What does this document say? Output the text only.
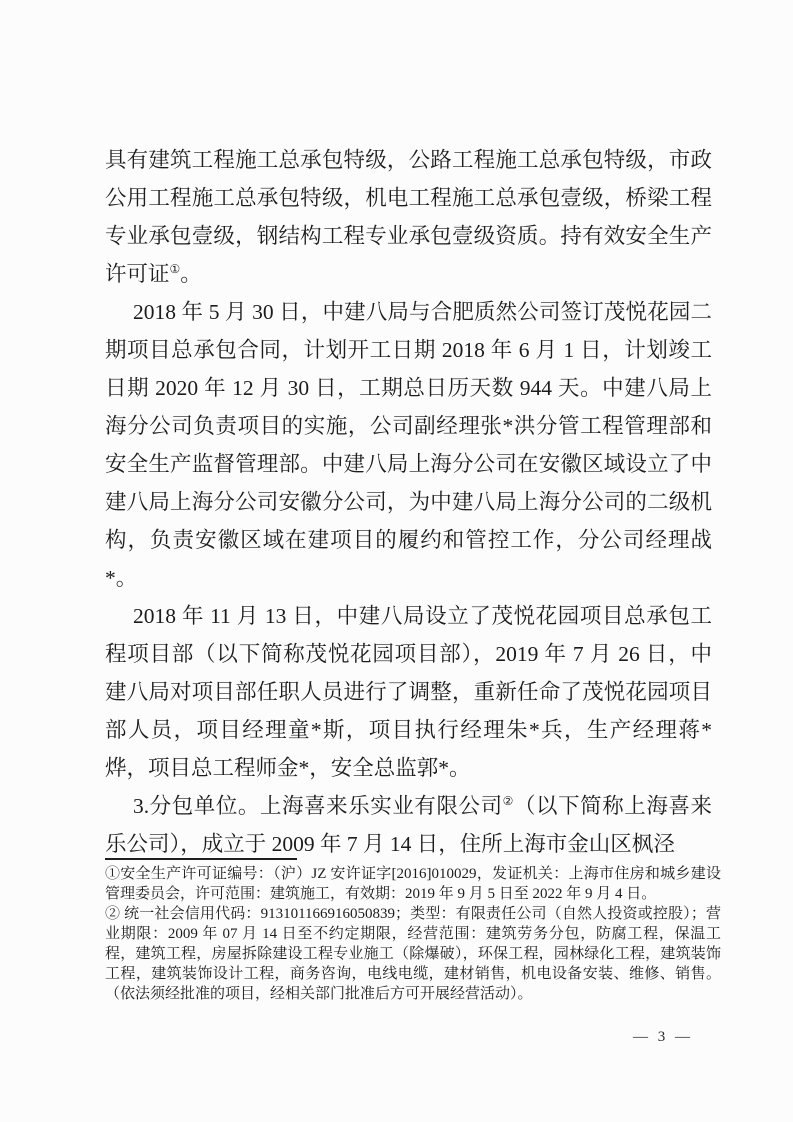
具有建筑工程施工总承包特级，公路工程施工总承包特级，市政公用工程施工总承包特级，机电工程施工总承包壹级，桥梁工程专业承包壹级，钢结构工程专业承包壹级资质。持有效安全生产许可证①。

2018 年 5 月 30 日，中建八局与合肥质然公司签订茂悦花园二期项目总承包合同，计划开工日期 2018 年 6 月 1 日，计划竣工日期 2020 年 12 月 30 日，工期总日历天数 944 天。中建八局上海分公司负责项目的实施，公司副经理张*洪分管工程管理部和安全生产监督管理部。中建八局上海分公司在安徽区域设立了中建八局上海分公司安徽分公司，为中建八局上海分公司的二级机构，负责安徽区域在建项目的履约和管控工作，分公司经理战*。

2018 年 11 月 13 日，中建八局设立了茂悦花园项目总承包工程项目部（以下简称茂悦花园项目部），2019 年 7 月 26 日，中建八局对项目部任职人员进行了调整，重新任命了茂悦花园项目部人员，项目经理童*斯，项目执行经理朱*兵，生产经理蒋*烨，项目总工程师金*，安全总监郭*。

3.分包单位。上海喜来乐实业有限公司②（以下简称上海喜来乐公司），成立于 2009 年 7 月 14 日，住所上海市金山区枫泾

①安全生产许可证编号：（沪）JZ 安许证字[2016]010029，发证机关：上海市住房和城乡建设管理委员会，许可范围：建筑施工，有效期：2019 年 9 月 5 日至 2022 年 9 月 4 日。

② 统一社会信用代码：913101166916050839；类型：有限责任公司（自然人投资或控股）；营业期限：2009 年 07 月 14 日至不约定期限，经营范围：建筑劳务分包，防腐工程，保温工程，建筑工程，房屋拆除建设工程专业施工（除爆破），环保工程，园林绿化工程，建筑装饰工程，建筑装饰设计工程，商务咨询，电线电缆，建材销售，机电设备安装、维修、销售。（依法须经批准的项目，经相关部门批准后方可开展经营活动）。

— 3 —
